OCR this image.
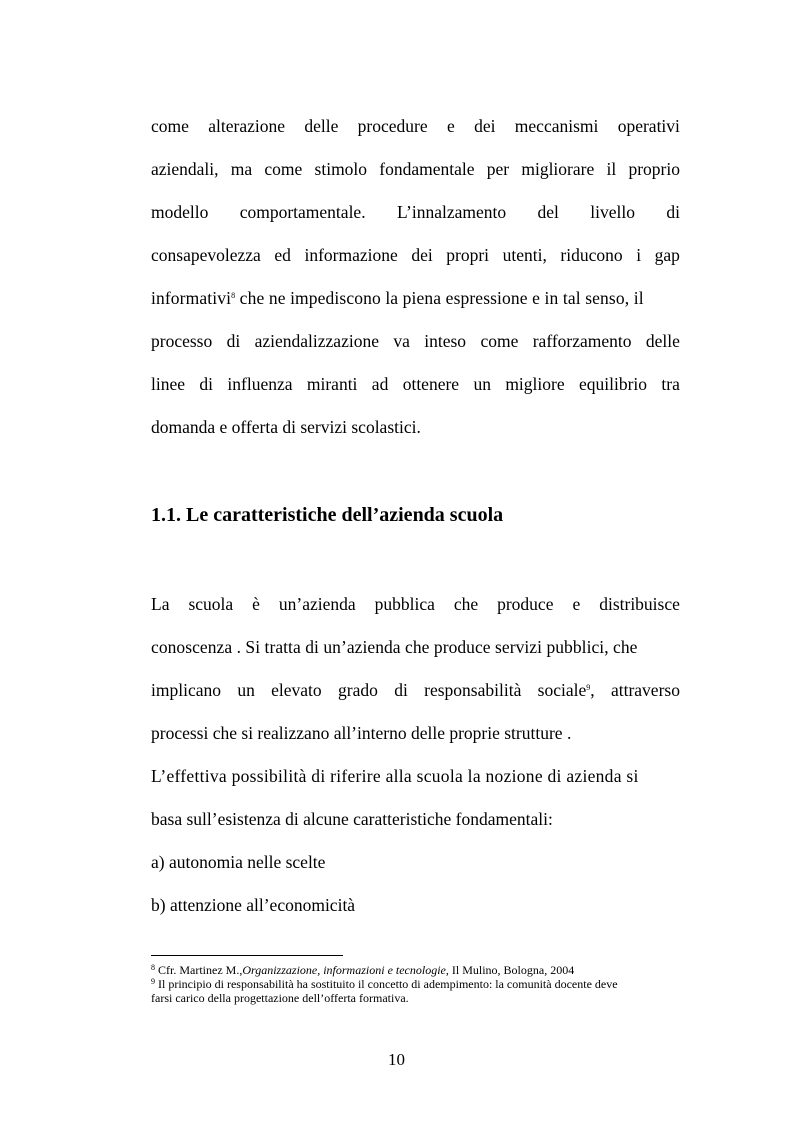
come alterazione delle procedure e dei meccanismi operativi
aziendali, ma come stimolo fondamentale per migliorare il proprio
modello comportamentale. L’innalzamento del livello di
consapevolezza ed informazione dei propri utenti, riducono i gap
informativi$^8$ che ne impediscono la piena espressione e in tal senso, il
processo di aziendalizzazione va inteso come rafforzamento delle
linee di influenza miranti ad ottenere un migliore equilibrio tra
domanda e offerta di servizi scolastici.
1.1. Le caratteristiche dell’azienda scuola
La scuola è un’azienda pubblica che produce e distribuisce
conoscenza . Si tratta di un’azienda che produce servizi pubblici, che
implicano un elevato grado di responsabilità sociale$^9$, attraverso
processi che si realizzano all’interno delle proprie strutture .
L’effettiva possibilità di riferire alla scuola la nozione di azienda si
basa sull’esistenza di alcune caratteristiche fondamentali:
a) autonomia nelle scelte
b) attenzione all’economicità
$^8$ Cfr. Martinez M.,Organizzazione, informazioni e tecnologie, Il Mulino, Bologna, 2004
$^9$ Il principio di responsabilità ha sostituito il concetto di adempimento: la comunità docente deve
farsi carico della progettazione dell’offerta formativa.
10
